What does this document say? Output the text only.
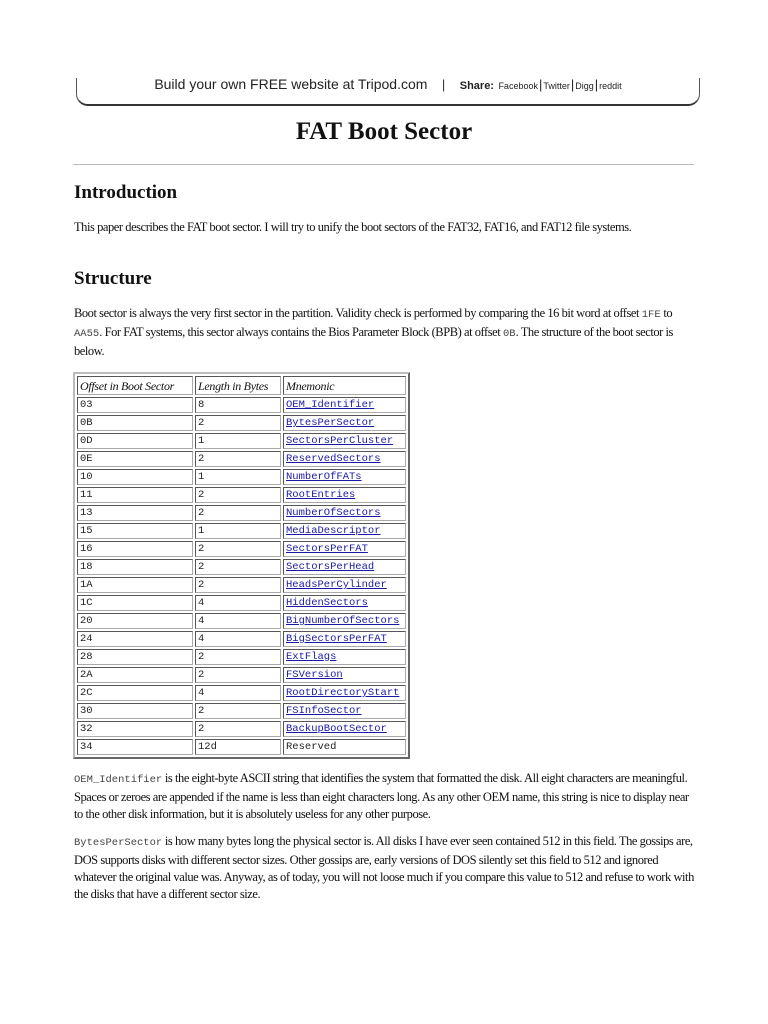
Build your own FREE website at Tripod.com | Share: Facebook|Twitter|Digg|reddit
FAT Boot Sector
Introduction

This paper describes the FAT boot sector. I will try to unify the boot sectors of the FAT32, FAT16, and FAT12 file systems.

Structure

Boot sector is always the very first sector in the partition. Validity check is performed by comparing the 16 bit word at offset 1FE to AA55. For FAT systems, this sector always contains the Bios Parameter Block (BPB) at offset 0B. The structure of the boot sector is below.

Offset in Boot Sector	Length in Bytes	Mnemonic
03	8	OEM_Identifier
0B	2	BytesPerSector
0D	1	SectorsPerCluster
0E	2	ReservedSectors
10	1	NumberOfFATs
11	2	RootEntries
13	2	NumberOfSectors
15	1	MediaDescriptor
16	2	SectorsPerFAT
18	2	SectorsPerHead
1A	2	HeadsPerCylinder
1C	4	HiddenSectors
20	4	BigNumberOfSectors
24	4	BigSectorsPerFAT
28	2	ExtFlags
2A	2	FSVersion
2C	4	RootDirectoryStart
30	2	FSInfoSector
32	2	BackupBootSector
34	12d	Reserved

OEM_Identifier is the eight-byte ASCII string that identifies the system that formatted the disk. All eight characters are meaningful. Spaces or zeroes are appended if the name is less than eight characters long. As any other OEM name, this string is nice to display near to the other disk information, but it is absolutely useless for any other purpose.

BytesPerSector is how many bytes long the physical sector is. All disks I have ever seen contained 512 in this field. The gossips are, DOS supports disks with different sector sizes. Other gossips are, early versions of DOS silently set this field to 512 and ignored whatever the original value was. Anyway, as of today, you will not loose much if you compare this value to 512 and refuse to work with the disks that have a different sector size.
